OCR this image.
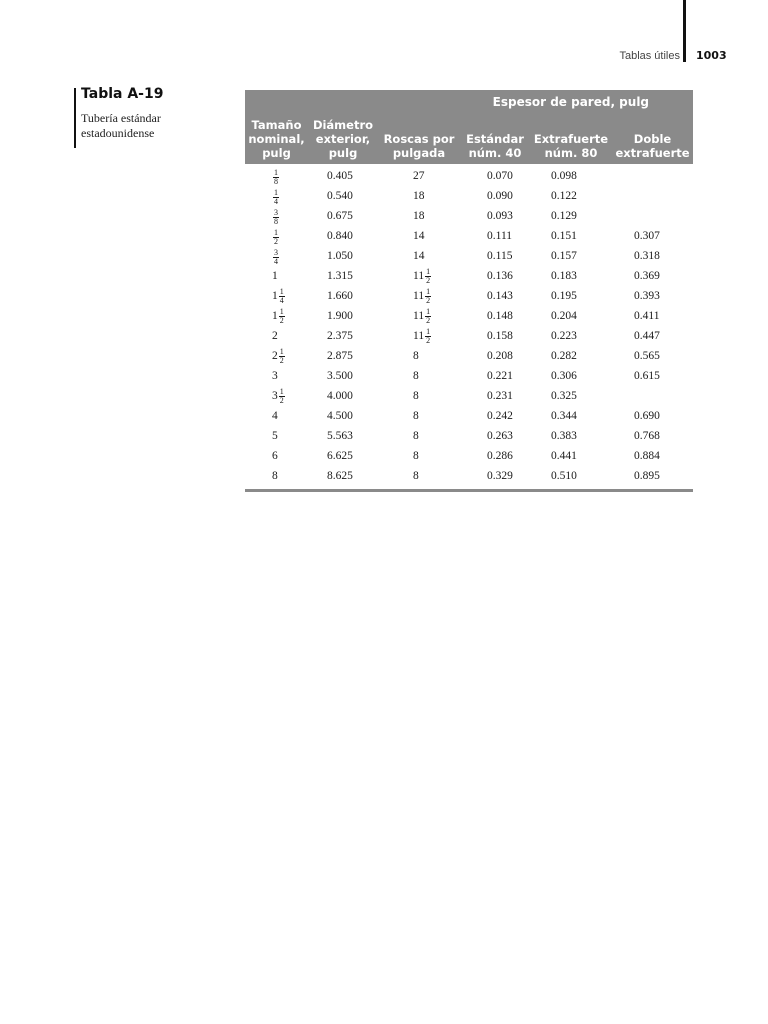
Tablas útiles 1003
Tabla A-19
Tubería estándar estadounidense
Espesor de pared, pulg					
Tamaño
nominal,
pulg	Diámetro
exterior,
pulg	Roscas por
pulgada	Estándar
núm. 40	Extrafuerte
núm. 80	Doble
extrafuerte

$\frac{1}{8}$	0.405	27	0.070	0.098	

$\frac{1}{4}$	0.540	18	0.090	0.122	

$\frac{3}{8}$	0.675	18	0.093	0.129	

$\frac{1}{2}$	0.840	14	0.111	0.151	0.307

$\frac{3}{4}$	1.050	14	0.115	0.157	0.318
1	1.315	$11 \frac{1}{2}$	0.136	0.183	0.369

$1 \frac{1}{4}$	1.660	$11 \frac{1}{2}$	0.143	0.195	0.393

$1 \frac{1}{2}$	1.900	$11 \frac{1}{2}$	0.148	0.204	0.411
2	2.375	$11 \frac{1}{2}$	0.158	0.223	0.447

$2 \frac{1}{2}$	2.875	8	0.208	0.282	0.565
3	3.500	8	0.221	0.306	0.615

$3 \frac{1}{2}$	4.000	8	0.231	0.325	
4	4.500	8	0.242	0.344	0.690
5	5.563	8	0.263	0.383	0.768
6	6.625	8	0.286	0.441	0.884
8	8.625	8	0.329	0.510	0.895
